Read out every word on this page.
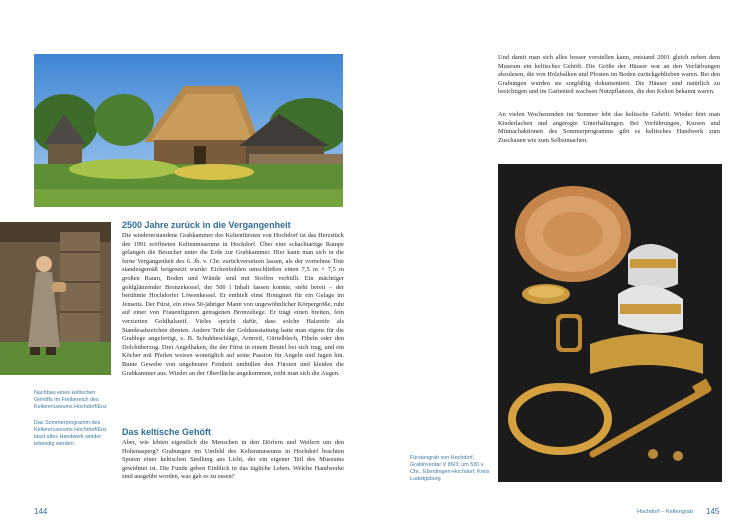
Nachbau eines keltischen Gehöfts im Freibereich des Keltenmuseums Hochdorf/Enz
Das Sommerprogramm des Keltenmuseums Hochdorf/Enz lässt altes Handwerk wieder lebendig werden.
2500 Jahre zurück in die Vergangenheit

Die wiedererstandene Grabkammer des Keltenfürsten von Hochdorf ist das Herzstück des 1991 eröffneten Keltenmuseums in Hochdorf. Über eine schachtartige Rampe gelangen die Besucher unter die Erde zur Grabkammer. Hier kann man sich in die ferne Vergangenheit des 6. Jh. v. Chr. zurückversetzen lassen, als der vornehme Tote standesgemäß beigesetzt wurde: Eichenbohlen umschließen einen 7,5 m × 7,5 m großen Raum, Boden und Wände sind mit Stoffen verhüllt. Ein mächtiger goldglänzender Bronzekessel, der 500 l Inhalt fassen konnte, steht bereit – der berühmte Hochdorfer Löwenkessel. Er enthielt einst Honigmet für ein Gelage im Jenseits. Der Fürst, ein etwa 50-jähriger Mann von ungewöhnlicher Körpergröße, ruht auf einer von Frauenfiguren getragenen Bronzeliege. Er trägt einen breiten, fein verzierten Goldhalsreif. Vieles spricht dafür, dass solche Halsreife als Standesabzeichen dienten. Andere Teile der Goldausstattung hatte man eigens für die Grablege angefertigt, z. B. Schuhbeschläge, Armreif, Gürtelblech, Fibeln oder den Dolchüberzug. Drei Angelhaken, die der Fürst in einem Beutel bei sich trug, und ein Köcher mit Pfeilen weisen womöglich auf seine Passion für Angeln und Jagen hin. Bunte Gewebe von ungeheurer Feinheit umhüllen den Fürsten und kleiden die Grabkammer aus. Wieder an der Oberfläche angekommen, reibt man sich die Augen.

Das keltische Gehöft

Aber, wie lebten eigentlich die Menschen in den Dörfern und Weilern um den Hohenasperg? Grabungen im Umfeld des Keltenmuseums in Hochdorf brachten Spuren einer keltischen Siedlung ans Licht, der ein eigener Teil des Museums gewidmet ist. Die Funde geben Einblick in das tägliche Leben. Welche Handwerke sind ausgeübt worden, was gab es zu essen?

144

Und damit man sich alles besser vorstellen kann, entstand 2001 gleich neben dem Museum ein keltisches Gehöft. Die Größe der Häuser war an den Verfärbungen abzulesen, die von Holzbalken und Pfosten im Boden zurückgeblieben waren. Bei den Grabungen wurden sie sorgfältig dokumentiert. Die Häuser sind natürlich zu besichtigen und im Gartenteil wachsen Nutzpflanzen, die den Kelten bekannt waren.

An vielen Wochenenden im Sommer lebt das keltische Gehöft. Wieder hört man Kinderlachen und angeregte Unterhaltungen. Bei Vorführungen, Kursen und Mitmachaktionen des Sommerprogramms gibt es keltisches Handwerk zum Zuschauen wie zum Selbstmachen.

Fürstengrab von Hochdorf, Grabinventar V 86/3; um 530 v. Chr., Eberdingen-Hochdorf, Kreis Ludwigsburg
Hochdorf – Keltengrab 145
